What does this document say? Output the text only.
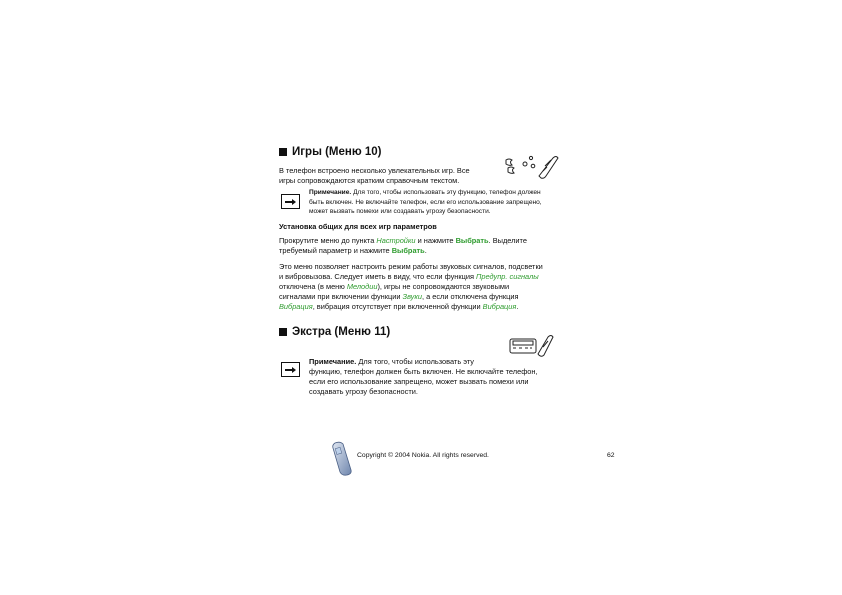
Игры (Меню 10)
В телефон встроено несколько увлекательных игр. Все
игры сопровождаются кратким справочным текстом.
Примечание. Для того, чтобы использовать эту функцию, телефон должен
быть включен. Не включайте телефон, если его использование запрещено,
может вызвать помехи или создавать угрозу безопасности.
Установка общих для всех игр параметров
Прокрутите меню до пункта Настройки и нажмите Выбрать. Выделите
требуемый параметр и нажмите Выбрать.
Это меню позволяет настроить режим работы звуковых сигналов, подсветки
и вибровызова. Следует иметь в виду, что если функция Предупр. сигналы
отключена (в меню Мелодии), игры не сопровождаются звуковыми
сигналами при включении функции Звуки, а если отключена функция
Вибрация, вибрация отсутствует при включенной функции Вибрация.
Экстра (Меню 11)
Примечание. Для того, чтобы использовать эту
функцию, телефон должен быть включен. Не включайте телефон,
если его использование запрещено, может вызвать помехи или
создавать угрозу безопасности.
Copyright © 2004 Nokia. All rights reserved.	62
